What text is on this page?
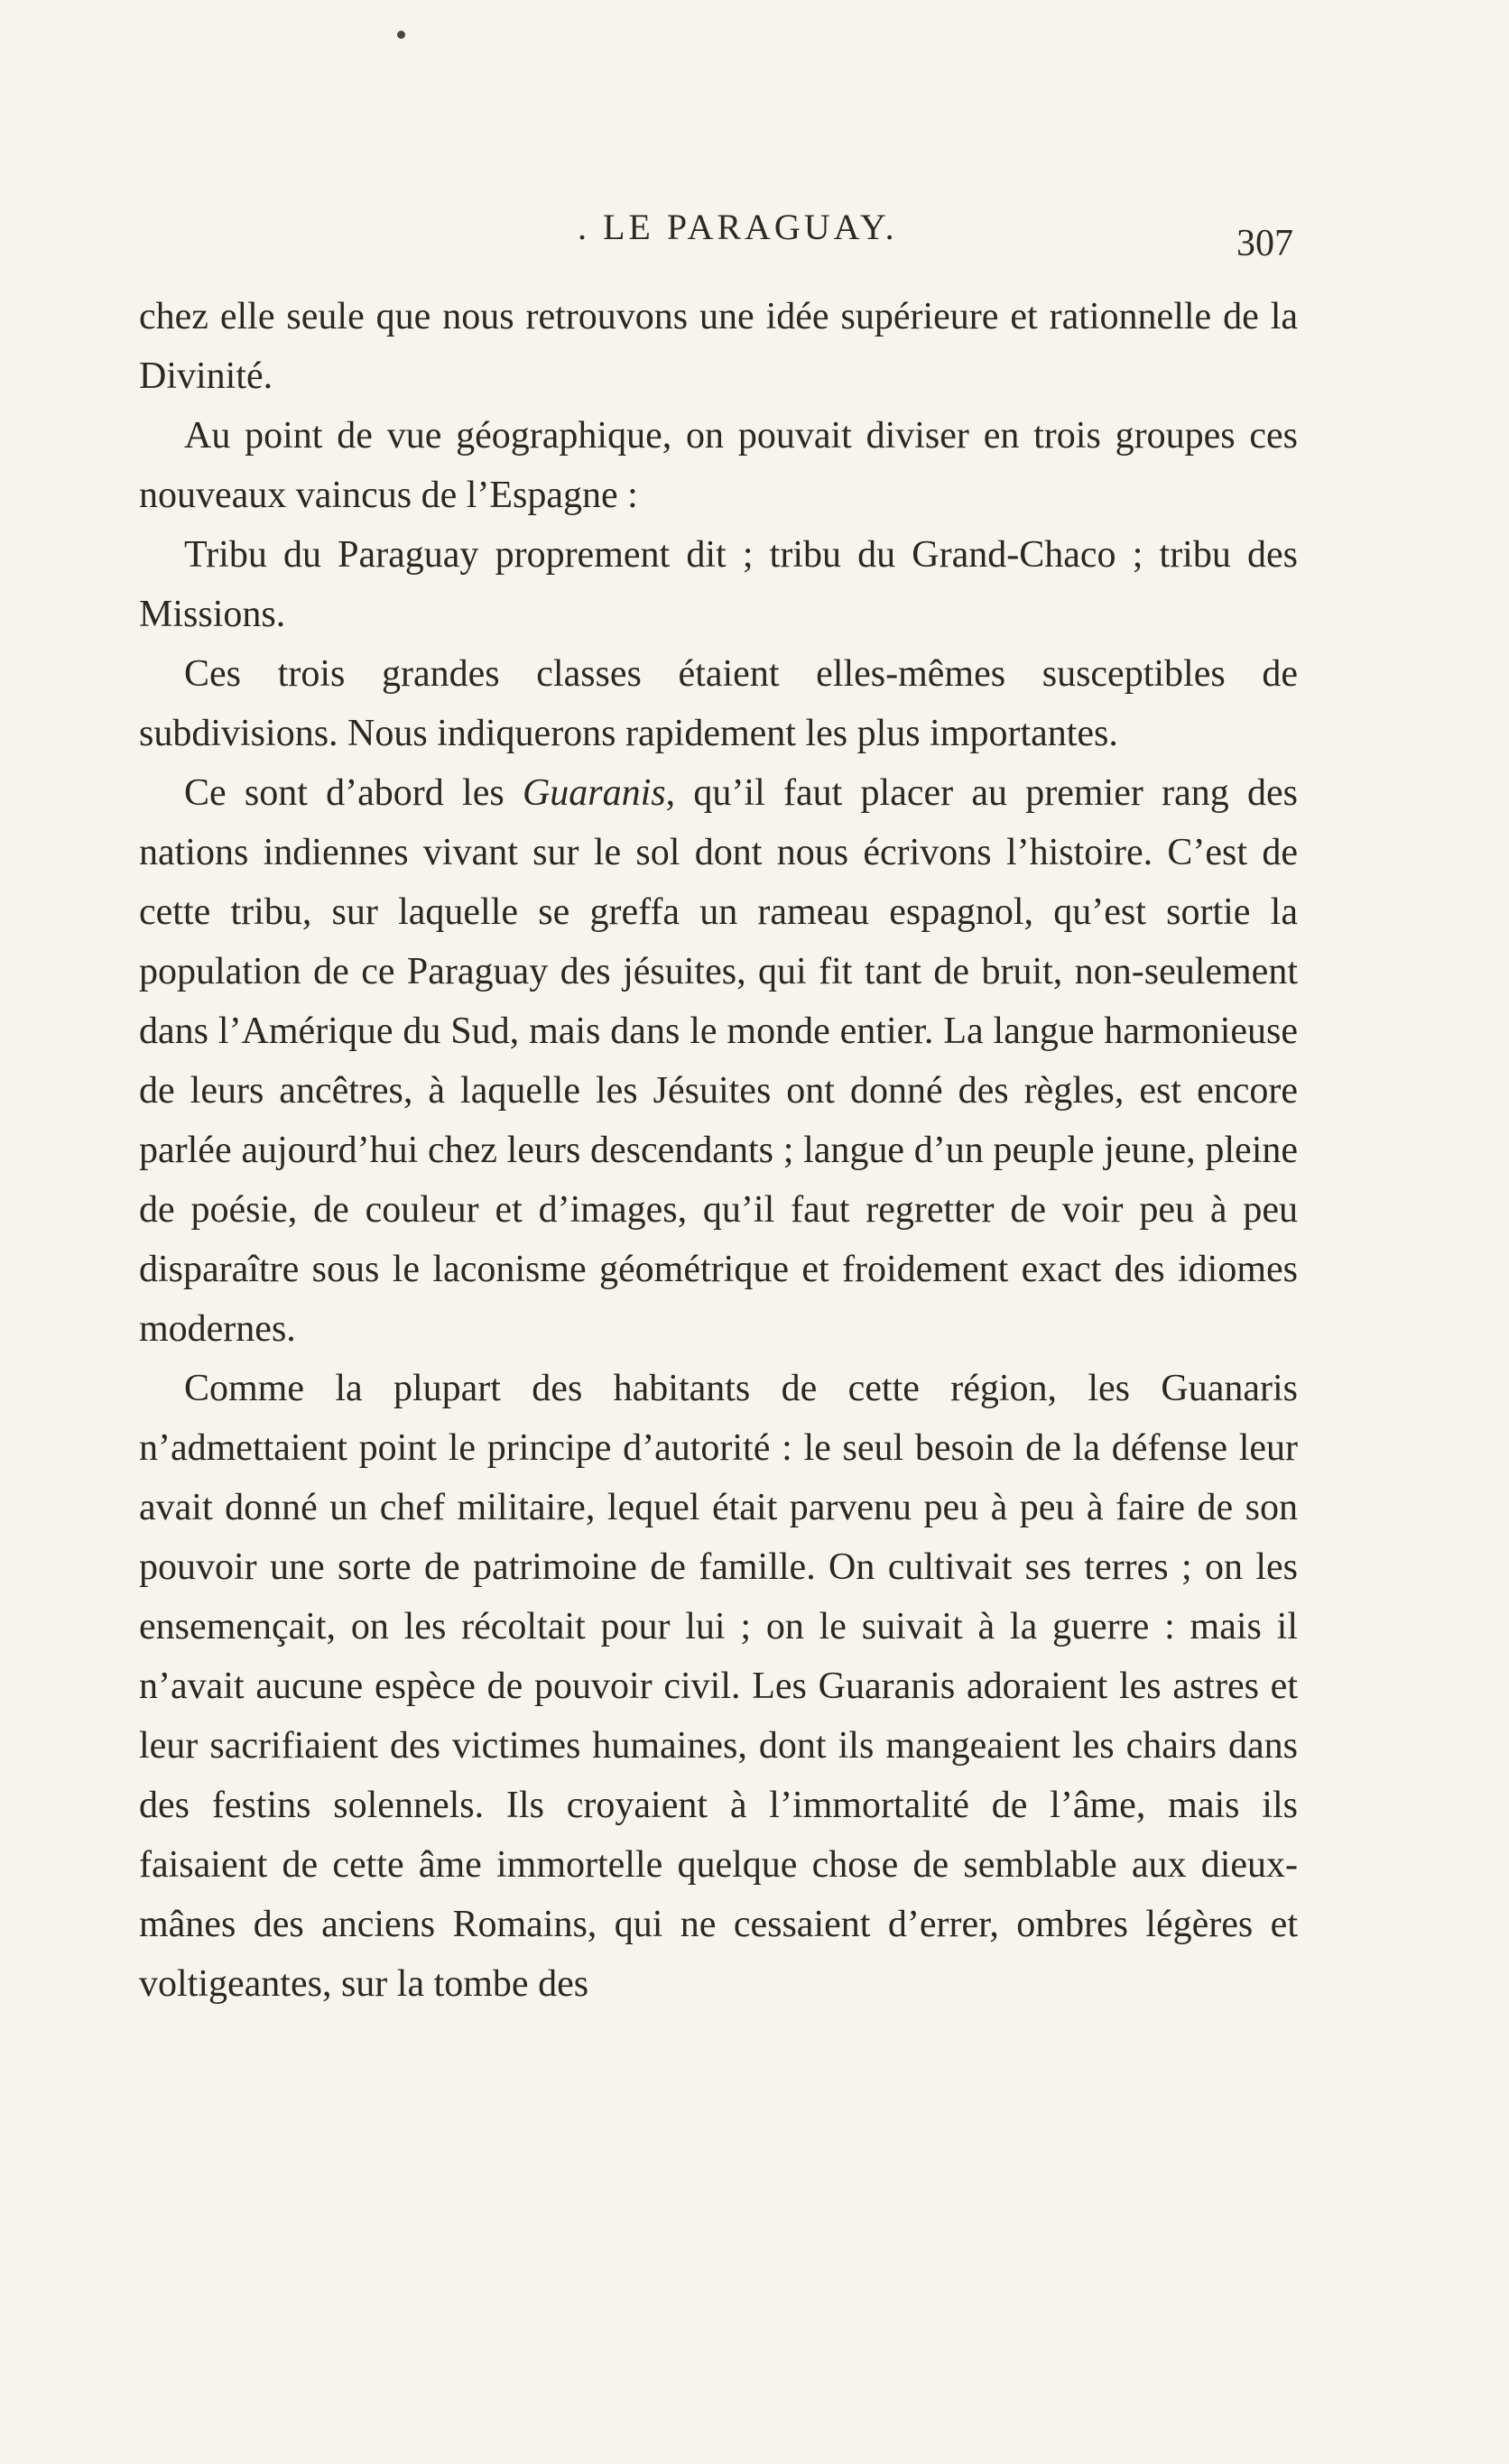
. LE PARAGUAY.	307

chez elle seule que nous retrouvons une idée supérieure et rationnelle de la Divinité.

Au point de vue géographique, on pouvait diviser en trois groupes ces nouveaux vaincus de l’Espagne :

Tribu du Paraguay proprement dit ; tribu du Grand-Chaco ; tribu des Missions.

Ces trois grandes classes étaient elles-mêmes susceptibles de subdivisions. Nous indiquerons rapidement les plus importantes.

Ce sont d’abord les Guaranis, qu’il faut placer au premier rang des nations indiennes vivant sur le sol dont nous écrivons l’histoire. C’est de cette tribu, sur laquelle se greffa un rameau espagnol, qu’est sortie la population de ce Paraguay des jésuites, qui fit tant de bruit, non-seulement dans l’Amérique du Sud, mais dans le monde entier. La langue harmonieuse de leurs ancêtres, à laquelle les Jésuites ont donné des règles, est encore parlée aujourd’hui chez leurs descendants ; langue d’un peuple jeune, pleine de poésie, de couleur et d’images, qu’il faut regretter de voir peu à peu disparaître sous le laconisme géométrique et froidement exact des idiomes modernes.

Comme la plupart des habitants de cette région, les Guanaris n’admettaient point le principe d’autorité : le seul besoin de la défense leur avait donné un chef militaire, lequel était parvenu peu à peu à faire de son pouvoir une sorte de patrimoine de famille. On cultivait ses terres ; on les ensemençait, on les récoltait pour lui ; on le suivait à la guerre : mais il n’avait aucune espèce de pouvoir civil. Les Guaranis adoraient les astres et leur sacrifiaient des victimes humaines, dont ils mangeaient les chairs dans des festins solennels. Ils croyaient à l’immortalité de l’âme, mais ils faisaient de cette âme immortelle quelque chose de semblable aux dieux-mânes des anciens Romains, qui ne cessaient d’errer, ombres légères et voltigeantes, sur la tombe des
